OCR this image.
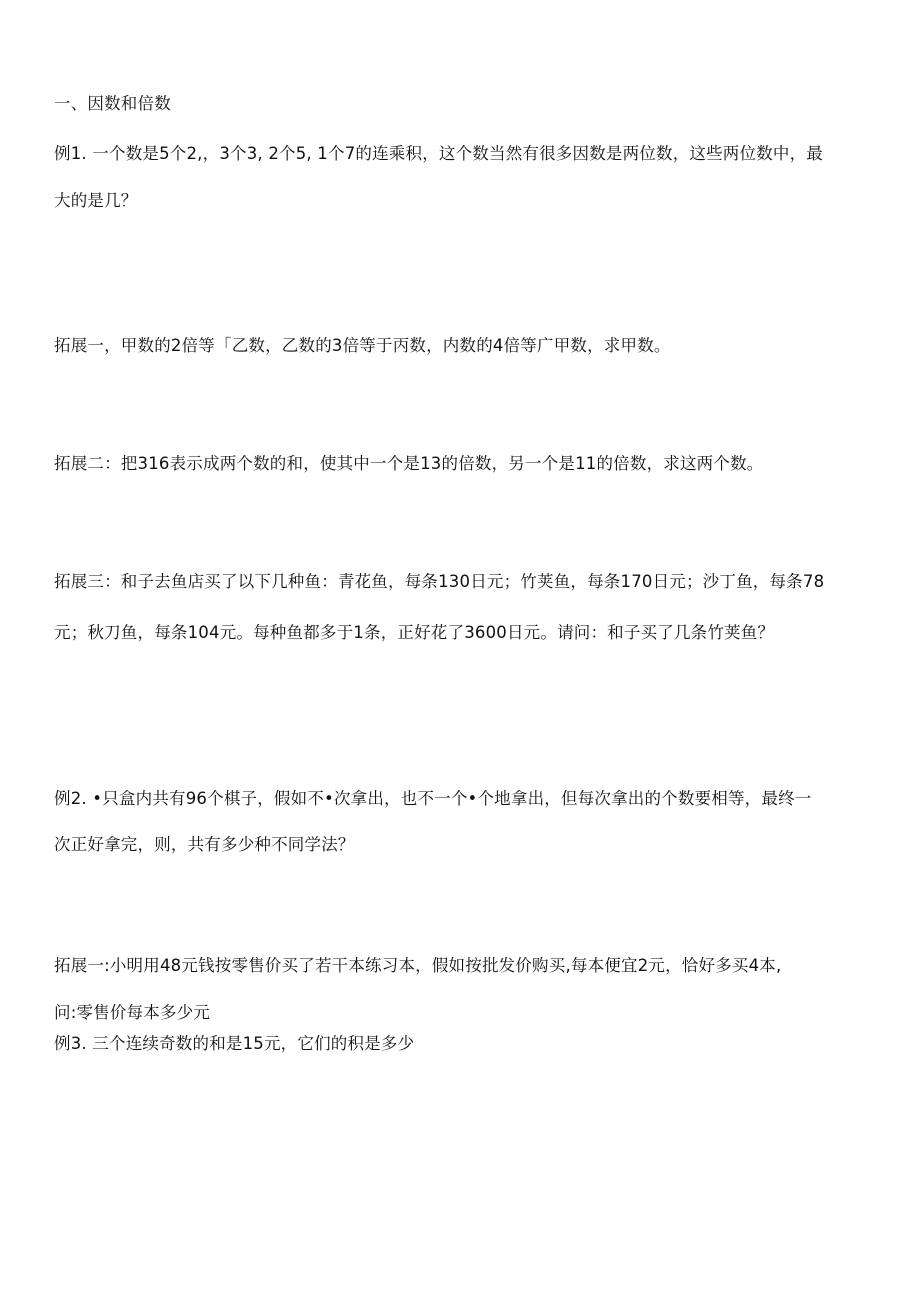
一、因数和倍数
例1. 一个数是5个2,，3个3, 2个5, 1个7的连乘积，这个数当然有很多因数是两位数，这些两位数中，最
大的是几？
拓展一，甲数的2倍等「乙数，乙数的3倍等于丙数，内数的4倍等广甲数，求甲数。
拓展二：把316表示成两个数的和，使其中一个是13的倍数，另一个是11的倍数，求这两个数。
拓展三：和子去鱼店买了以下几种鱼：青花鱼，每条130日元；竹荚鱼，每条170日元；沙丁鱼，每条78
元；秋刀鱼，每条104元。每种鱼都多于1条，正好花了3600日元。请问：和子买了几条竹荚鱼？
例2. •只盒内共有96个棋子，假如不•次拿出，也不一个•个地拿出，但每次拿出的个数要相等，最终一
次正好拿完，则，共有多少种不同学法？
拓展一:小明用48元钱按零售价买了若干本练习本，假如按批发价购买,每本便宜2元，恰好多买4本,
问:零售价每本多少元
例3. 三个连续奇数的和是15元，它们的积是多少
